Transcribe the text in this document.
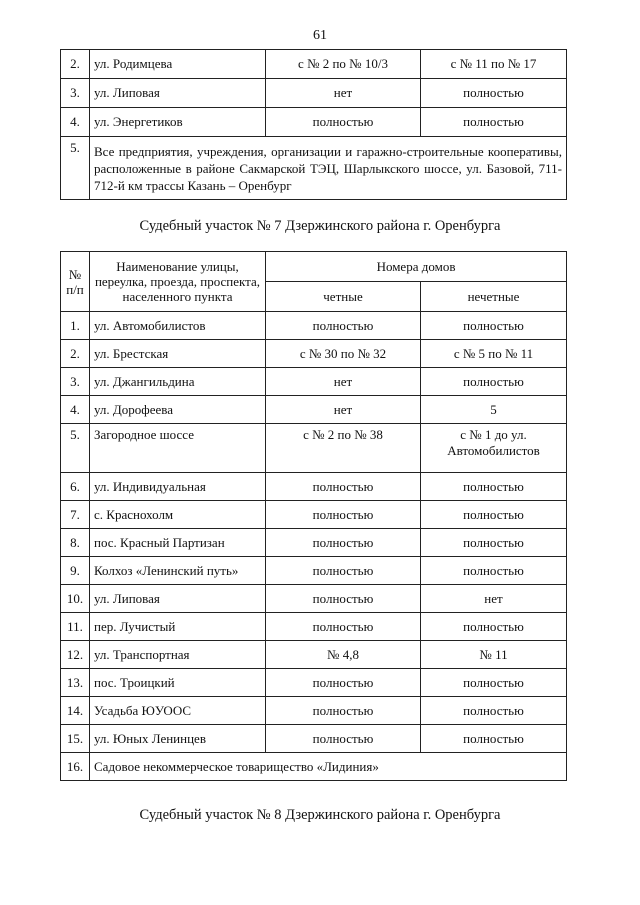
61
2.	ул. Родимцева	с № 2 по № 10/3	с № 11 по № 17
3.	ул. Липовая	нет	полностью
4.	ул. Энергетиков	полностью	полностью
5.	Все предприятия, учреждения, организации и гаражно-строительные кооперативы, расположенные в районе Сакмарской ТЭЦ, Шарлыкского шоссе, ул. Базовой, 711-712-й км трассы Казань – Оренбург		
Судебный участок № 7 Дзержинского района г. Оренбурга
№ п/п	Наименование улицы, переулка, проезда, проспекта, населенного пункта	Номера домов	
		четные	нечетные
1.	ул. Автомобилистов	полностью	полностью
2.	ул. Брестская	с № 30 по № 32	с № 5 по № 11
3.	ул. Джангильдина	нет	полностью
4.	ул. Дорофеева	нет	5
5.	Загородное шоссе	с № 2 по № 38	с № 1 до ул. Автомобилистов
6.	ул. Индивидуальная	полностью	полностью
7.	с. Краснохолм	полностью	полностью
8.	пос. Красный Партизан	полностью	полностью
9.	Колхоз «Ленинский путь»	полностью	полностью
10.	ул. Липовая	полностью	нет
11.	пер. Лучистый	полностью	полностью
12.	ул. Транспортная	№ 4,8	№ 11
13.	пос. Троицкий	полностью	полностью
14.	Усадьба ЮУООС	полностью	полностью
15.	ул. Юных Ленинцев	полностью	полностью
16.	Садовое некоммерческое товарищество «Лидиния»		
Судебный участок № 8 Дзержинского района г. Оренбурга
